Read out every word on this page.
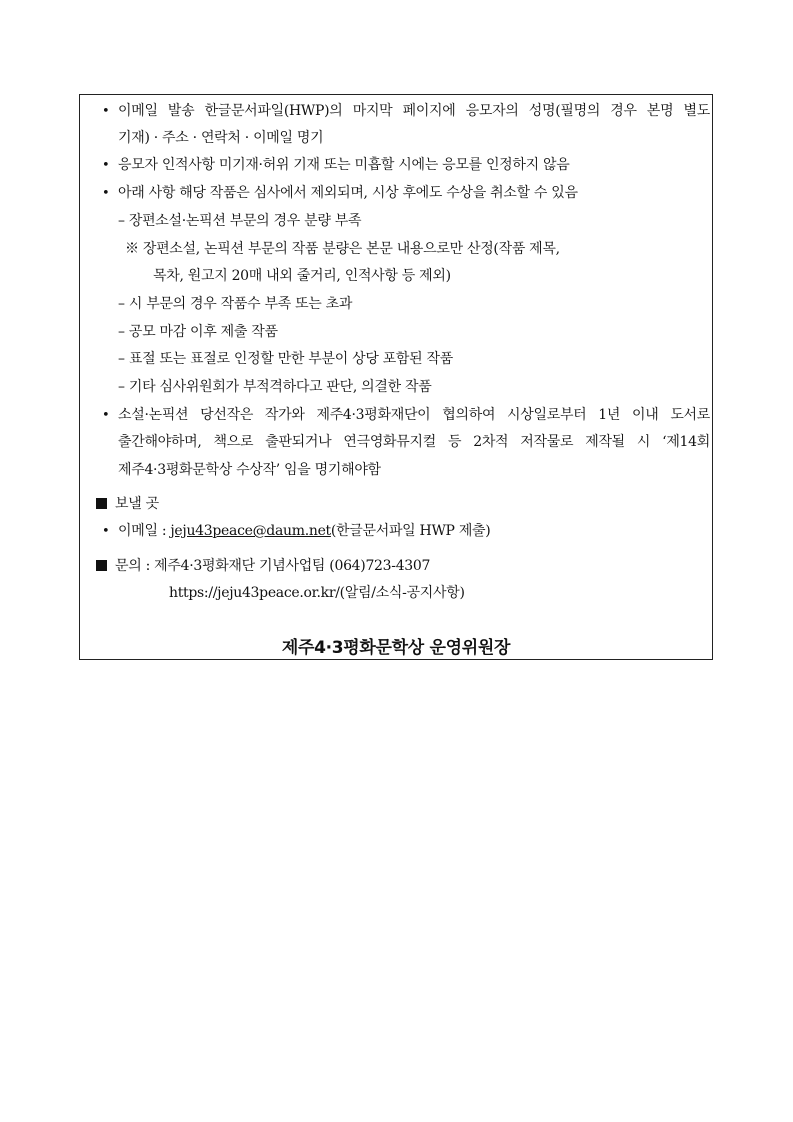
• 이메일 발송 한글문서파일(HWP)의 마지막 페이지에 응모자의 성명(필명의 경우 본명 별도
기재) · 주소 · 연락처 · 이메일 명기
• 응모자 인적사항 미기재·허위 기재 또는 미흡할 시에는 응모를 인정하지 않음
• 아래 사항 해당 작품은 심사에서 제외되며, 시상 후에도 수상을 취소할 수 있음
– 장편소설·논픽션 부문의 경우 분량 부족
※ 장편소설, 논픽션 부문의 작품 분량은 본문 내용으로만 산정(작품 제목,
목차, 원고지 20매 내외 줄거리, 인적사항 등 제외)
– 시 부문의 경우 작품수 부족 또는 초과
– 공모 마감 이후 제출 작품
– 표절 또는 표절로 인정할 만한 부분이 상당 포함된 작품
– 기타 심사위원회가 부적격하다고 판단, 의결한 작품
• 소설·논픽션 당선작은 작가와 제주4·3평화재단이 협의하여 시상일로부터 1년 이내 도서로
출간해야하며, 책으로 출판되거나 연극영화뮤지컬 등 2차적 저작물로 제작될 시 ‘제14회
제주4·3평화문학상 수상작’ 임을 명기해야함
보낼 곳
• 이메일 : jeju43peace@daum.net(한글문서파일 HWP 제출)
문의 : 제주4·3평화재단 기념사업팀 (064)723-4307
https://jeju43peace.or.kr/(알림/소식-공지사항)
제주4·3평화문학상 운영위원장
